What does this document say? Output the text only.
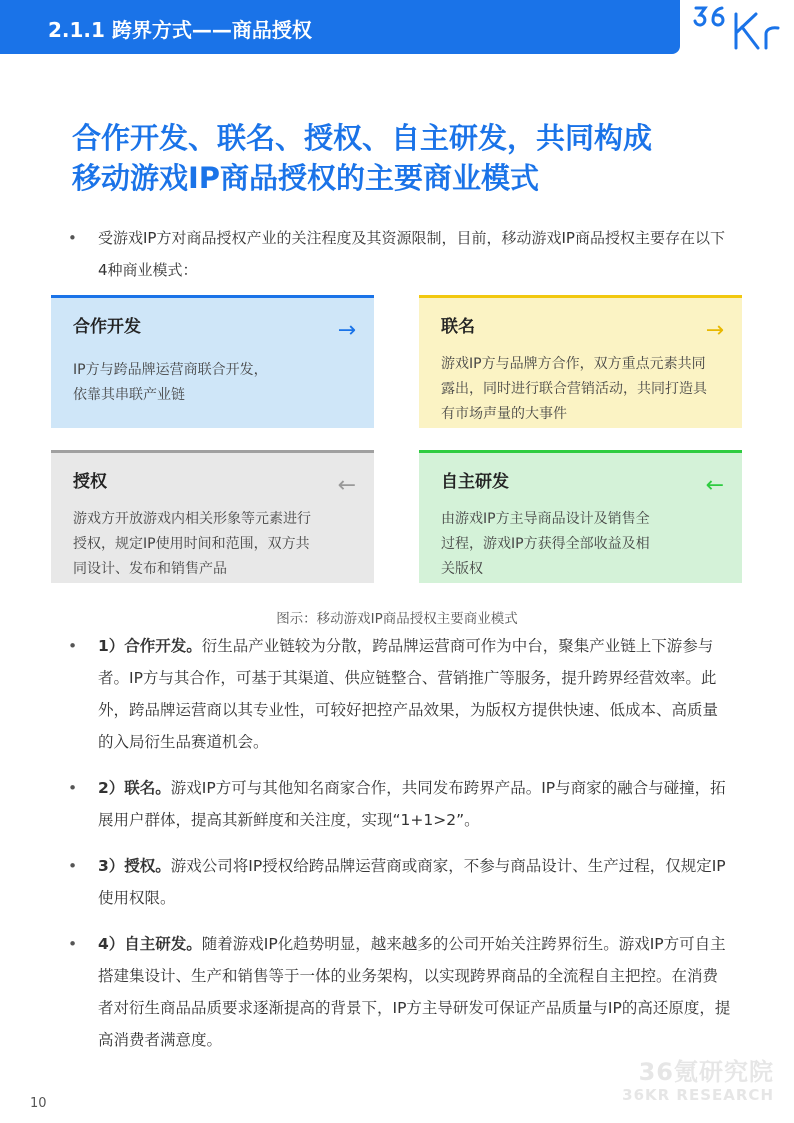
2.1.1 跨界方式——商品授权
合作开发、联名、授权、自主研发，共同构成
移动游戏IP商品授权的主要商业模式
•	受游戏IP方对商品授权产业的关注程度及其资源限制，目前，移动游戏IP商品授权主要存在以下4种商业模式：
合作开发	→
IP方与跨品牌运营商联合开发，依靠其串联产业链
联名	→
游戏IP方与品牌方合作，双方重点元素共同露出，同时进行联合营销活动，共同打造具有市场声量的大事件
授权	←
游戏方开放游戏内相关形象等元素进行授权，规定IP使用时间和范围，双方共同设计、发布和销售产品
自主研发	←
由游戏IP方主导商品设计及销售全过程，游戏IP方获得全部收益及相关版权
图示：移动游戏IP商品授权主要商业模式
•	1）合作开发。衍生品产业链较为分散，跨品牌运营商可作为中台，聚集产业链上下游参与者。IP方与其合作，可基于其渠道、供应链整合、营销推广等服务，提升跨界经营效率。此外，跨品牌运营商以其专业性，可较好把控产品效果，为版权方提供快速、低成本、高质量的入局衍生品赛道机会。
•	2）联名。游戏IP方可与其他知名商家合作，共同发布跨界产品。IP与商家的融合与碰撞，拓展用户群体，提高其新鲜度和关注度，实现“1+1>2”。
•	3）授权。游戏公司将IP授权给跨品牌运营商或商家，不参与商品设计、生产过程，仅规定IP使用权限。
•	4）自主研发。随着游戏IP化趋势明显，越来越多的公司开始关注跨界衍生。游戏IP方可自主搭建集设计、生产和销售等于一体的业务架构，以实现跨界商品的全流程自主把控。在消费者对衍生商品品质要求逐渐提高的背景下，IP方主导研发可保证产品质量与IP的高还原度，提高消费者满意度。
36氪研究院
36KR RESEARCH
10
